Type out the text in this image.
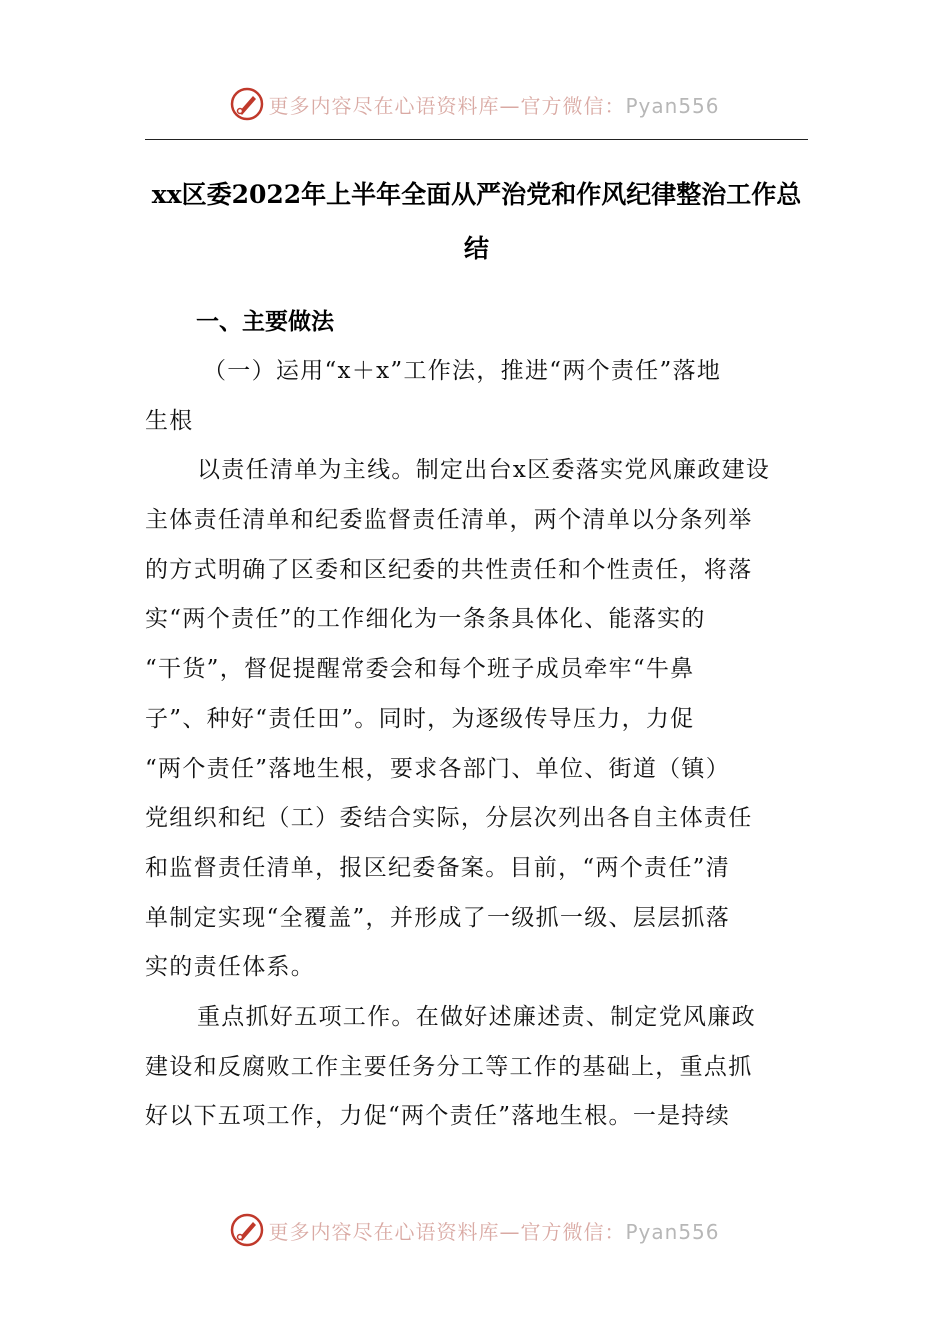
更多内容尽在心语资料库—官方微信：Pyan556
xx区委2022年上半年全面从严治党和作风纪律整治工作总
结
一、主要做法
（一）运用“x＋x”工作法，推进“两个责任”落地
生根
以责任清单为主线。制定出台x区委落实党风廉政建设
主体责任清单和纪委监督责任清单，两个清单以分条列举
的方式明确了区委和区纪委的共性责任和个性责任，将落
实“两个责任”的工作细化为一条条具体化、能落实的
“干货”，督促提醒常委会和每个班子成员牵牢“牛鼻
子”、种好“责任田”。同时，为逐级传导压力，力促
“两个责任”落地生根，要求各部门、单位、街道（镇）
党组织和纪（工）委结合实际，分层次列出各自主体责任
和监督责任清单，报区纪委备案。目前，“两个责任”清
单制定实现“全覆盖”，并形成了一级抓一级、层层抓落
实的责任体系。
重点抓好五项工作。在做好述廉述责、制定党风廉政
建设和反腐败工作主要任务分工等工作的基础上，重点抓
好以下五项工作，力促“两个责任”落地生根。一是持续
更多内容尽在心语资料库—官方微信：Pyan556
